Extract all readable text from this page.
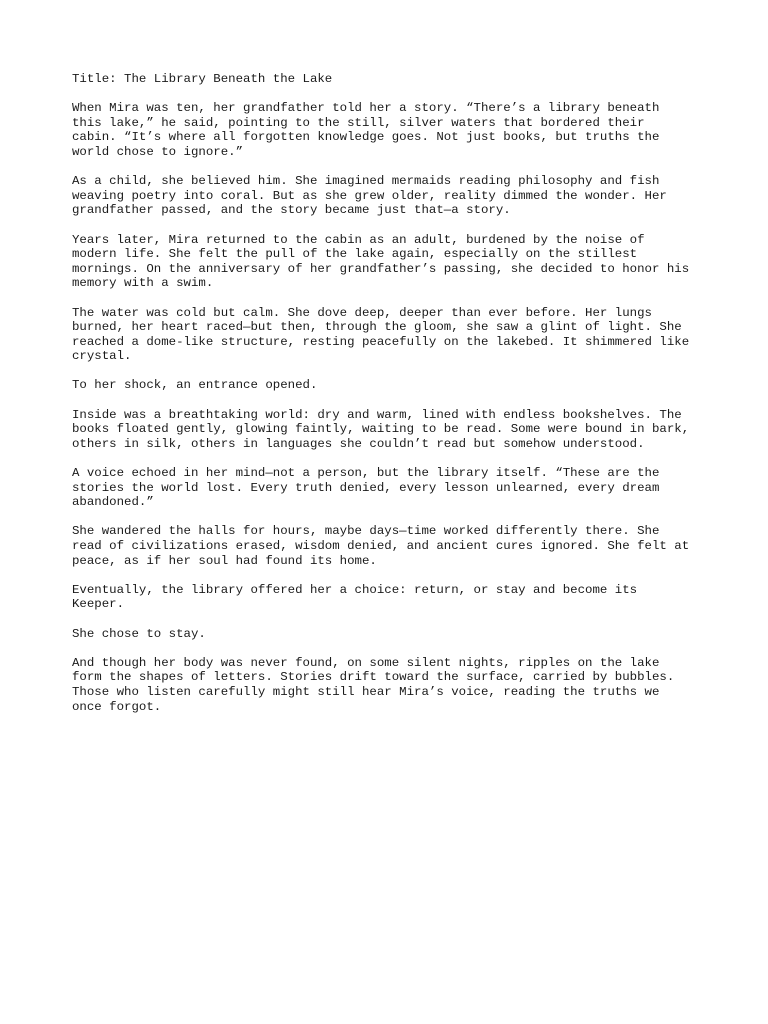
Title: The Library Beneath the Lake

When Mira was ten, her grandfather told her a story. “There’s a library beneath
this lake,” he said, pointing to the still, silver waters that bordered their
cabin. “It’s where all forgotten knowledge goes. Not just books, but truths the
world chose to ignore.”

As a child, she believed him. She imagined mermaids reading philosophy and fish
weaving poetry into coral. But as she grew older, reality dimmed the wonder. Her
grandfather passed, and the story became just that—a story.

Years later, Mira returned to the cabin as an adult, burdened by the noise of
modern life. She felt the pull of the lake again, especially on the stillest
mornings. On the anniversary of her grandfather’s passing, she decided to honor his
memory with a swim.

The water was cold but calm. She dove deep, deeper than ever before. Her lungs
burned, her heart raced—but then, through the gloom, she saw a glint of light. She
reached a dome-like structure, resting peacefully on the lakebed. It shimmered like
crystal.

To her shock, an entrance opened.

Inside was a breathtaking world: dry and warm, lined with endless bookshelves. The
books floated gently, glowing faintly, waiting to be read. Some were bound in bark,
others in silk, others in languages she couldn’t read but somehow understood.

A voice echoed in her mind—not a person, but the library itself. “These are the
stories the world lost. Every truth denied, every lesson unlearned, every dream
abandoned.”

She wandered the halls for hours, maybe days—time worked differently there. She
read of civilizations erased, wisdom denied, and ancient cures ignored. She felt at
peace, as if her soul had found its home.

Eventually, the library offered her a choice: return, or stay and become its
Keeper.

She chose to stay.

And though her body was never found, on some silent nights, ripples on the lake
form the shapes of letters. Stories drift toward the surface, carried by bubbles.
Those who listen carefully might still hear Mira’s voice, reading the truths we
once forgot.
